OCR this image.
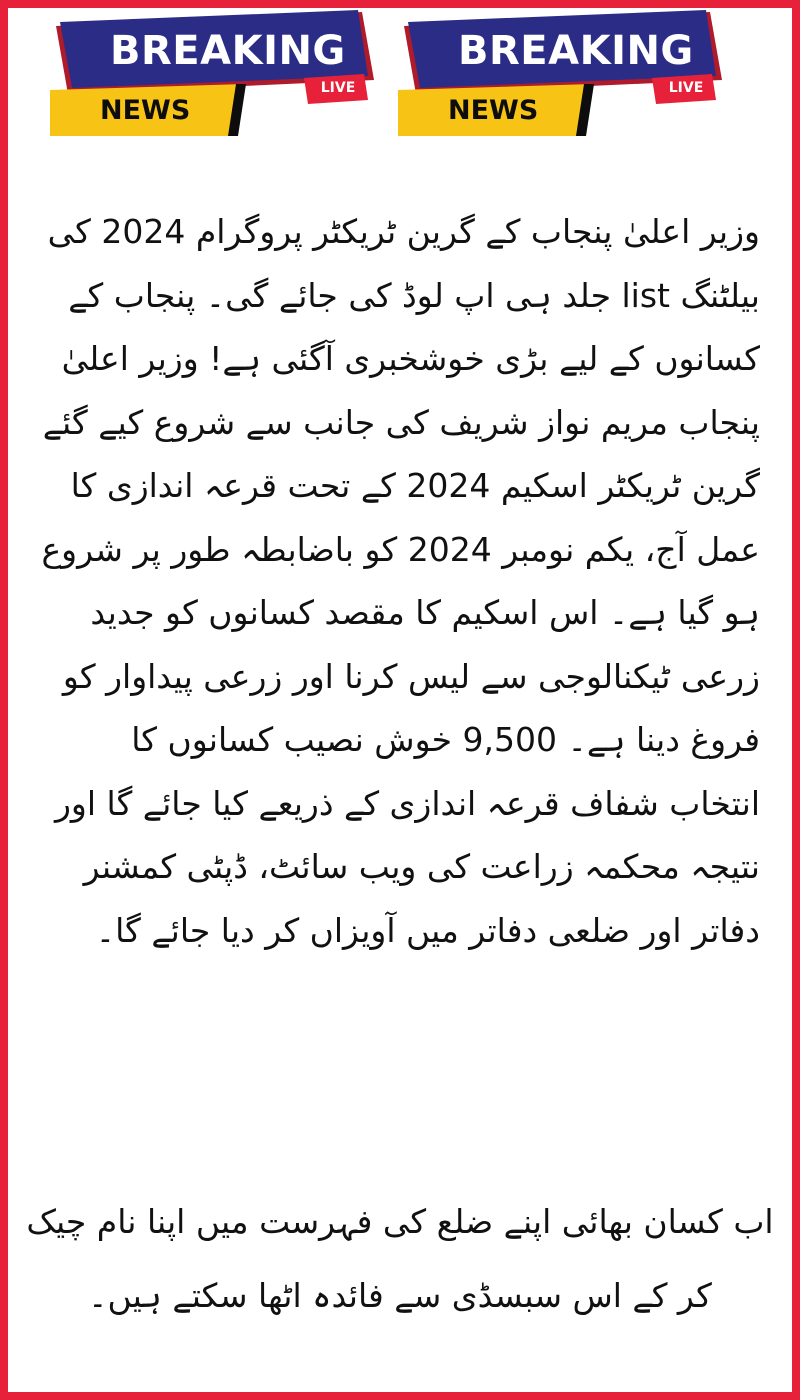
BREAKING
NEWS
LIVE
BREAKING
NEWS
LIVE

وزیر اعلیٰ پنجاب کے گرین ٹریکٹر پروگرام 2024 کی بیلٹنگ list جلد ہی اپ لوڈ کی جائے گی۔ پنجاب کے کسانوں کے لیے بڑی خوشخبری آگئی ہے! وزیر اعلیٰ پنجاب مریم نواز شریف کی جانب سے شروع کیے گئے گرین ٹریکٹر اسکیم 2024 کے تحت قرعہ اندازی کا عمل آج، یکم نومبر 2024 کو باضابطہ طور پر شروع ہو گیا ہے۔ اس اسکیم کا مقصد کسانوں کو جدید زرعی ٹیکنالوجی سے لیس کرنا اور زرعی پیداوار کو فروغ دینا ہے۔ 9,500 خوش نصیب کسانوں کا انتخاب شفاف قرعہ اندازی کے ذریعے کیا جائے گا اور نتیجہ محکمہ زراعت کی ویب سائٹ، ڈپٹی کمشنر دفاتر اور ضلعی دفاتر میں آویزاں کر دیا جائے گا۔

اب کسان بھائی اپنے ضلع کی فہرست میں اپنا نام چیک کر کے اس سبسڈی سے فائدہ اٹھا سکتے ہیں۔
